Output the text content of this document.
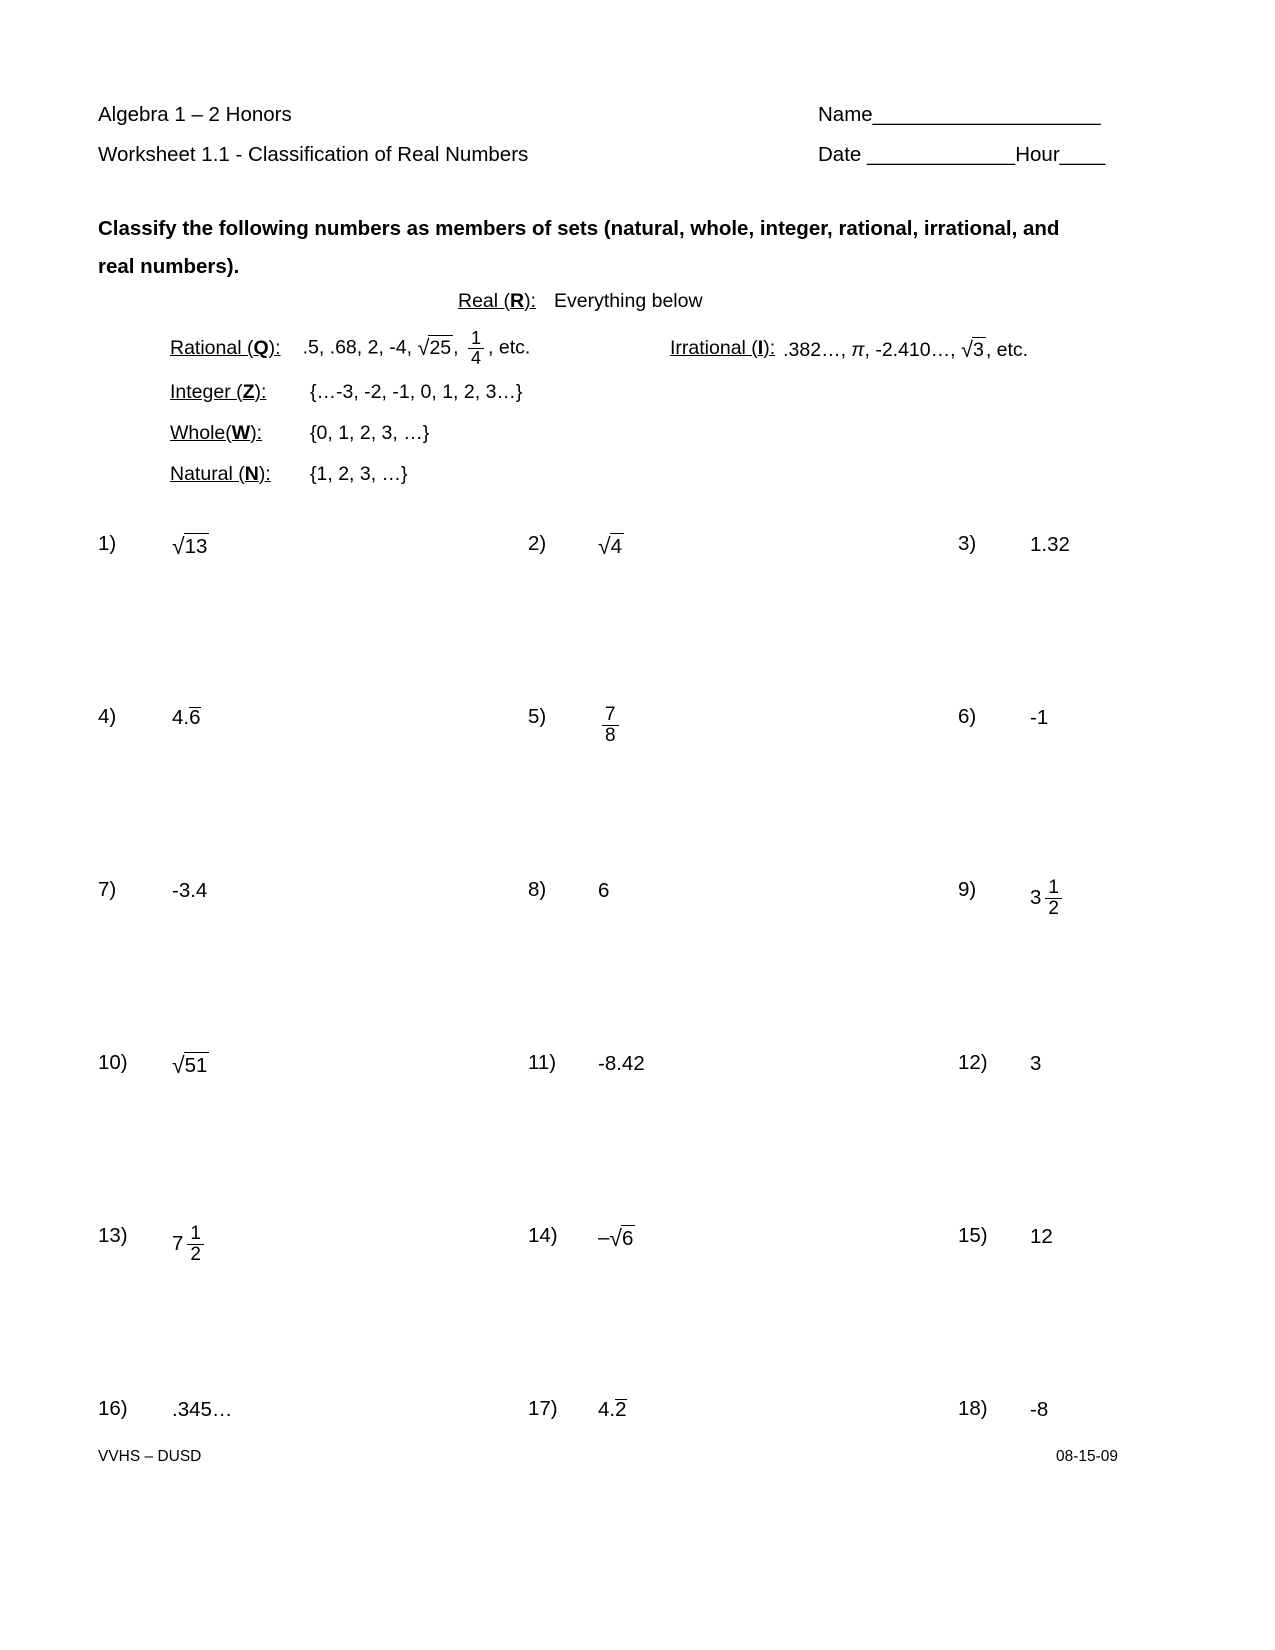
Algebra 1 – 2 Honors	Name____________________
Worksheet 1.1 - Classification of Real Numbers	Date _____________Hour____
Classify the following numbers as members of sets (natural, whole, integer, rational, irrational, and real numbers).
Real (R): Everything below
Rational (Q):	.5, .68, 2, -4, √ 25 , $\frac{1}{4}$ , etc.	Irrational (I): .382…, π, -2.410…, √ 3 , etc.
Integer (Z):	{…-3, -2, -1, 0, 1, 2, 3…}
Whole(W):	{0, 1, 2, 3, …}
Natural (N):	{1, 2, 3, …}
1)	√ 13	2)	√ 4	3)	1.32
4)	4. 6	5)	$\frac{7}{8}$	6)	-1
7)	-3.4	8)	6	9)	$3 \frac{1}{2}$
10)	√ 51	11)	-8.42	12)	3
13)	$7 \frac{1}{2}$	14)	– √ 6	15)	12
16)	.345…	17)	4. 2	18)	-8
VVHS – DUSD	08-15-09
